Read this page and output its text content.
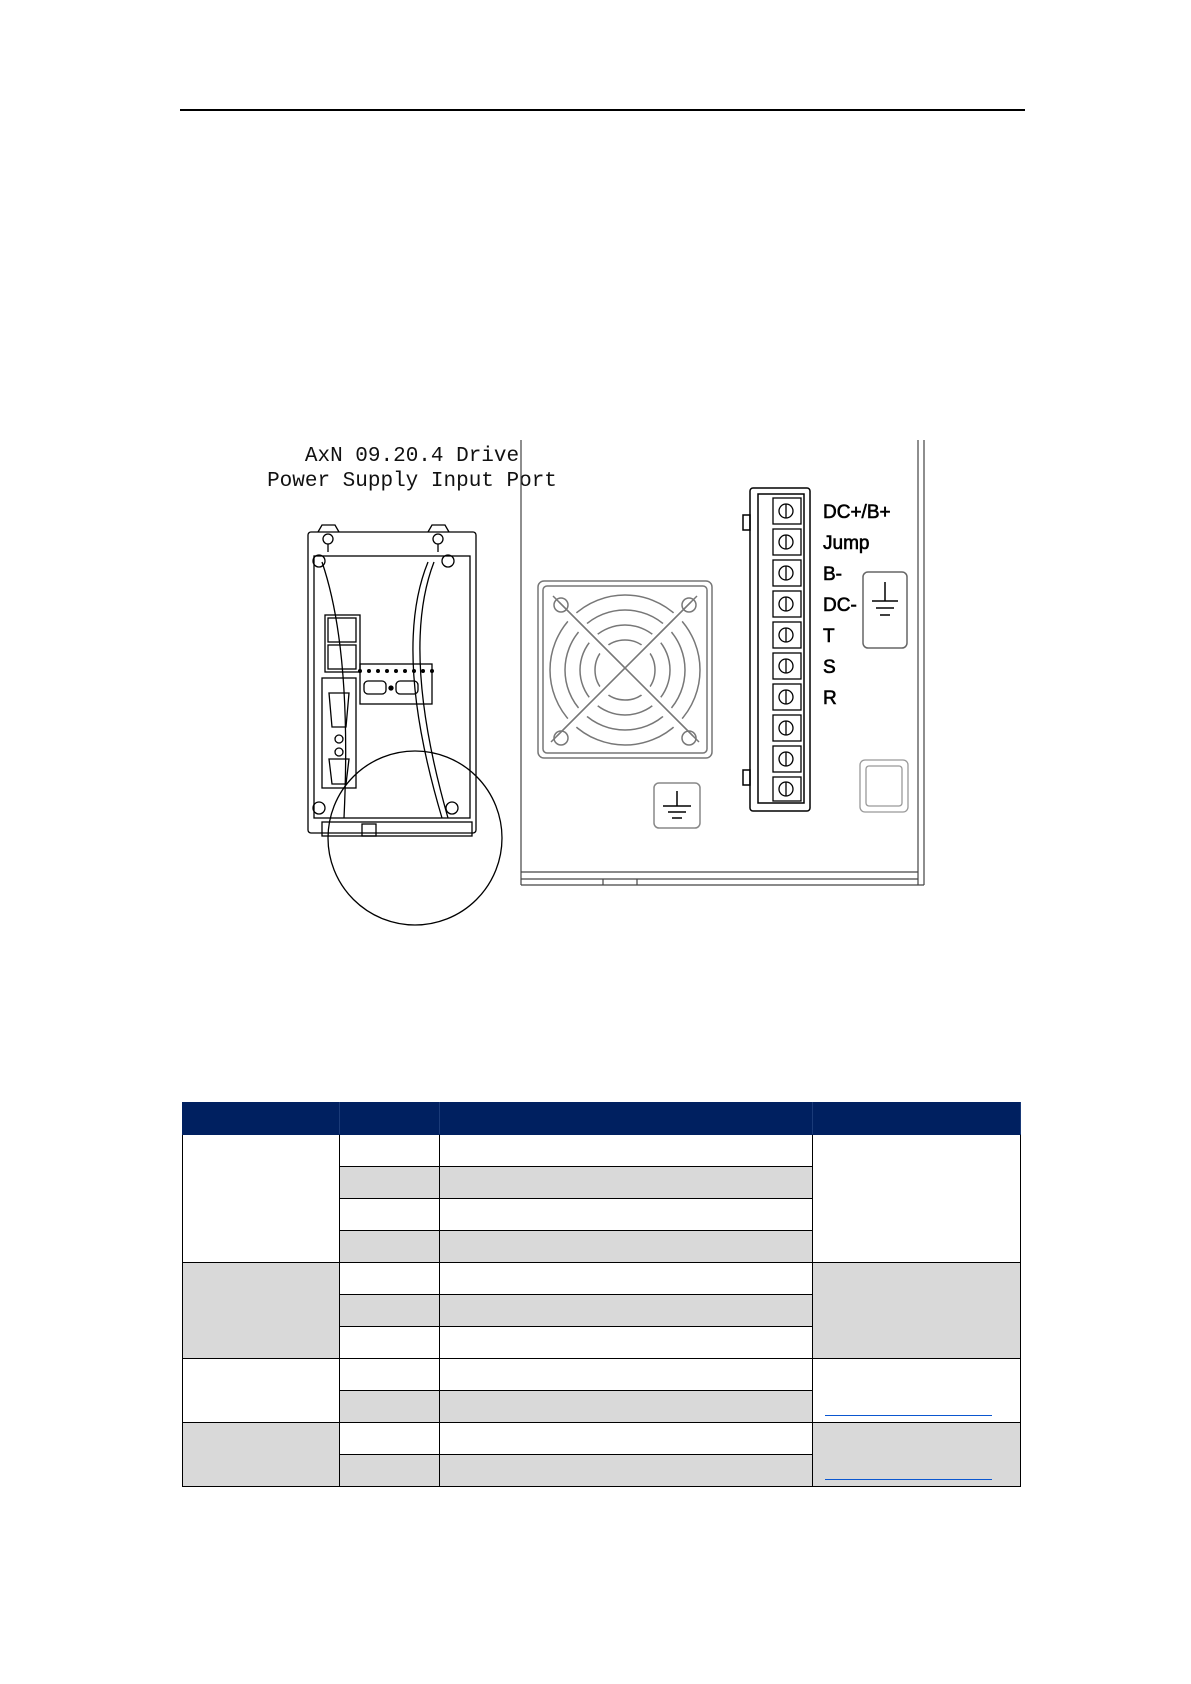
AxN 09.20.4 Drive
Power Supply Input Port
DC+/B+
Jump
B-
DC-
T
S
R
